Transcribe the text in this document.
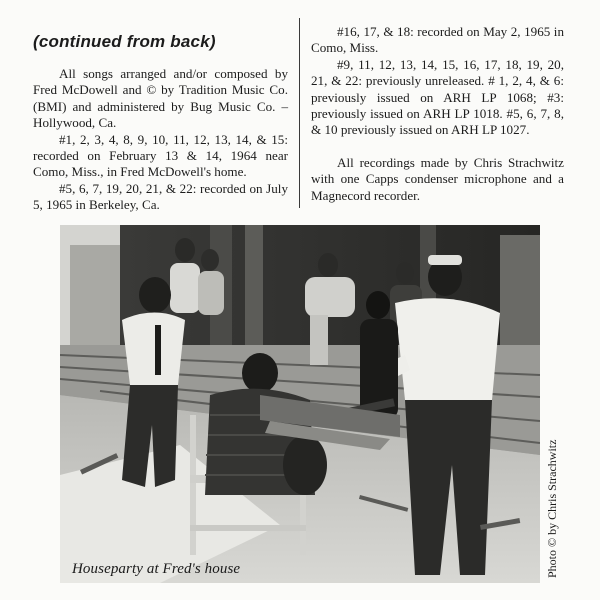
(continued from back)

All songs arranged and/or composed by Fred McDowell and © by Tradition Music Co. (BMI) and administered by Bug Music Co. – Hollywood, Ca.

#1, 2, 3, 4, 8, 9, 10, 11, 12, 13, 14, & 15: recorded on February 13 & 14, 1964 near Como, Miss., in Fred McDowell's home.

#5, 6, 7, 19, 20, 21, & 22: recorded on July 5, 1965 in Berkeley, Ca.

#16, 17, & 18: recorded on May 2, 1965 in Como, Miss.

#9, 11, 12, 13, 14, 15, 16, 17, 18, 19, 20, 21, & 22: previously unreleased. # 1, 2, 4, & 6: previously issued on ARH LP 1068; #3: previously issued on ARH LP 1018. #5, 6, 7, 8, & 10 previously issued on ARH LP 1027.

All recordings made by Chris Strachwitz with one Capps condenser microphone and a Magnecord recorder.

Houseparty at Fred's house	Photo © by Chris Strachwitz
